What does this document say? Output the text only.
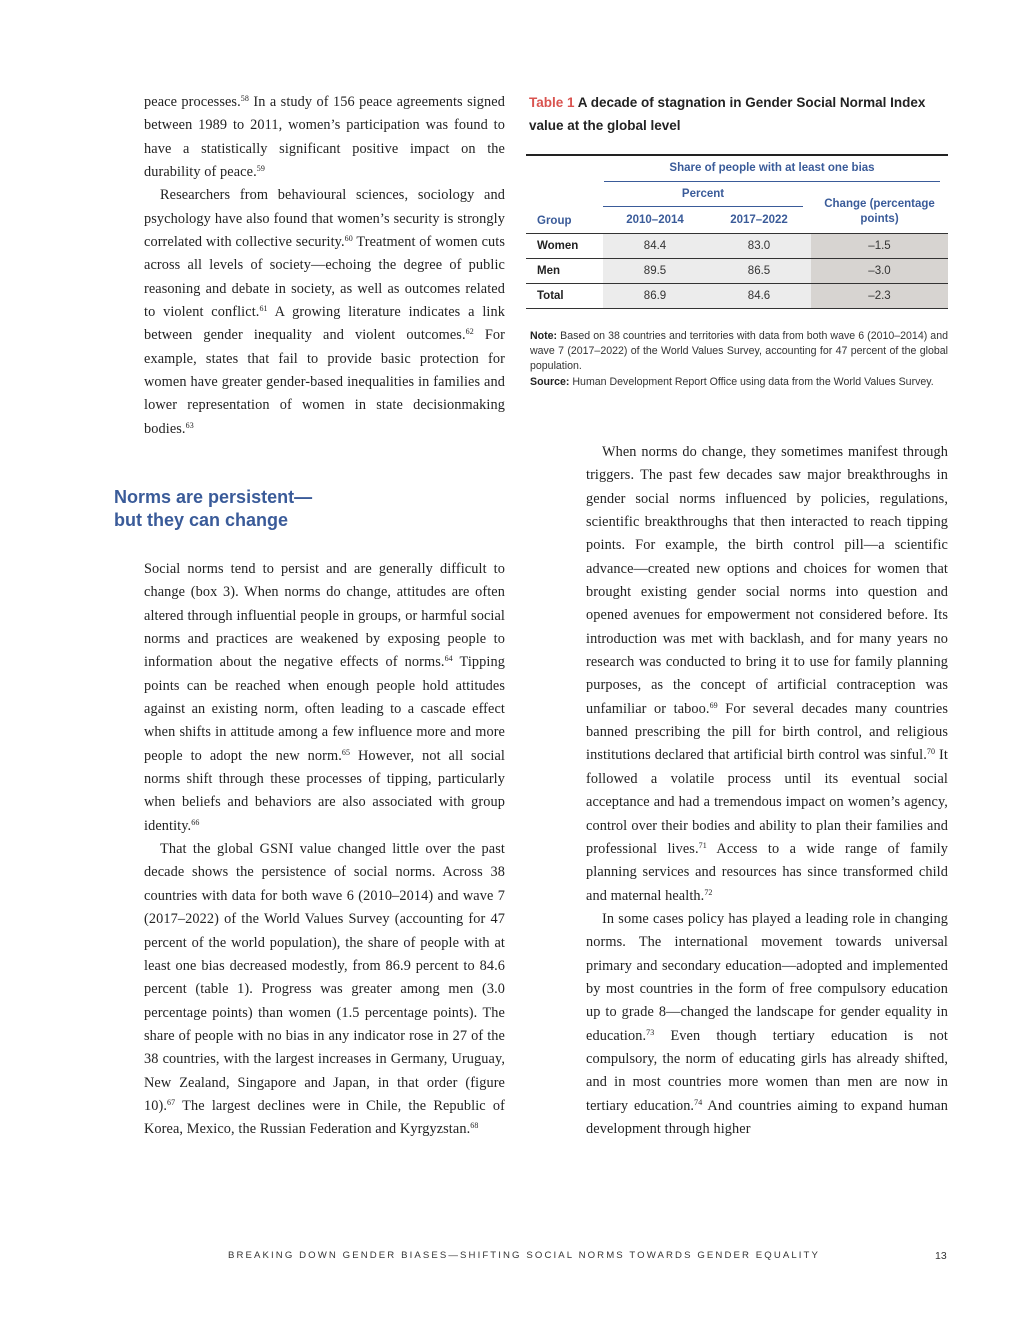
peace processes.$^{58}$ In a study of 156 peace agreements signed between 1989 to 2011, women’s participation was found to have a statistically significant positive impact on the durability of peace.$^{59}$

Researchers from behavioural sciences, sociology and psychology have also found that women’s security is strongly correlated with collective security.$^{60}$ Treatment of women cuts across all levels of society—echoing the degree of public reasoning and debate in society, as well as outcomes related to violent conflict.$^{61}$ A growing literature indicates a link between gender inequality and violent outcomes.$^{62}$ For example, states that fail to provide basic protection for women have greater gender-based inequalities in families and lower representation of women in state decisionmaking bodies.$^{63}$

Norms are persistent—
but they can change

Social norms tend to persist and are generally difficult to change (box 3). When norms do change, attitudes are often altered through influential people in groups, or harmful social norms and practices are weakened by exposing people to information about the negative effects of norms.$^{64}$ Tipping points can be reached when enough people hold attitudes against an existing norm, often leading to a cascade effect when shifts in attitude among a few influence more and more people to adopt the new norm.$^{65}$ However, not all social norms shift through these processes of tipping, particularly when beliefs and behaviors are also associated with group identity.$^{66}$

That the global GSNI value changed little over the past decade shows the persistence of social norms. Across 38 countries with data for both wave 6 (2010–2014) and wave 7 (2017–2022) of the World Values Survey (accounting for 47 percent of the world population), the share of people with at least one bias decreased modestly, from 86.9 percent to 84.6 percent (table 1). Progress was greater among men (3.0 percentage points) than women (1.5 percentage points). The share of people with no bias in any indicator rose in 27 of the 38 countries, with the largest increases in Germany, Uruguay, New Zealand, Singapore and Japan, in that order (figure 10).$^{67}$ The largest declines were in Chile, the Republic of Korea, Mexico, the Russian Federation and Kyrgyzstan.$^{68}$

Table 1 A decade of stagnation in Gender Social Normal Index value at the global level

Share of people with at least one bias			

Group	Percent		Change (percentage points)
	2010–2014	2017–2022	
Women	84.4	83.0	–1.5
Men	89.5	86.5	–3.0
Total	86.9	84.6	–2.3

Note: Based on 38 countries and territories with data from both wave 6 (2010–2014) and wave 7 (2017–2022) of the World Values Survey, accounting for 47 percent of the global population.

Source: Human Development Report Office using data from the World Values Survey.

When norms do change, they sometimes manifest through triggers. The past few decades saw major breakthroughs in gender social norms influenced by policies, regulations, scientific breakthroughs that then interacted to reach tipping points. For example, the birth control pill—a scientific advance—created new options and choices for women that brought existing gender social norms into question and opened avenues for empowerment not considered before. Its introduction was met with backlash, and for many years no research was conducted to bring it to use for family planning purposes, as the concept of artificial contraception was unfamiliar or taboo.$^{69}$ For several decades many countries banned prescribing the pill for birth control, and religious institutions declared that artificial birth control was sinful.$^{70}$ It followed a volatile process until its eventual social acceptance and had a tremendous impact on women’s agency, control over their bodies and ability to plan their families and professional lives.$^{71}$ Access to a wide range of family planning services and resources has since transformed child and maternal health.$^{72}$

In some cases policy has played a leading role in changing norms. The international movement towards universal primary and secondary education—adopted and implemented by most countries in the form of free compulsory education up to grade 8—changed the landscape for gender equality in education.$^{73}$ Even though tertiary education is not compulsory, the norm of educating girls has already shifted, and in most countries more women than men are now in tertiary education.$^{74}$ And countries aiming to expand human development through higher

BREAKING DOWN GENDER BIASES—SHIFTING SOCIAL NORMS TOWARDS GENDER EQUALITY	13
